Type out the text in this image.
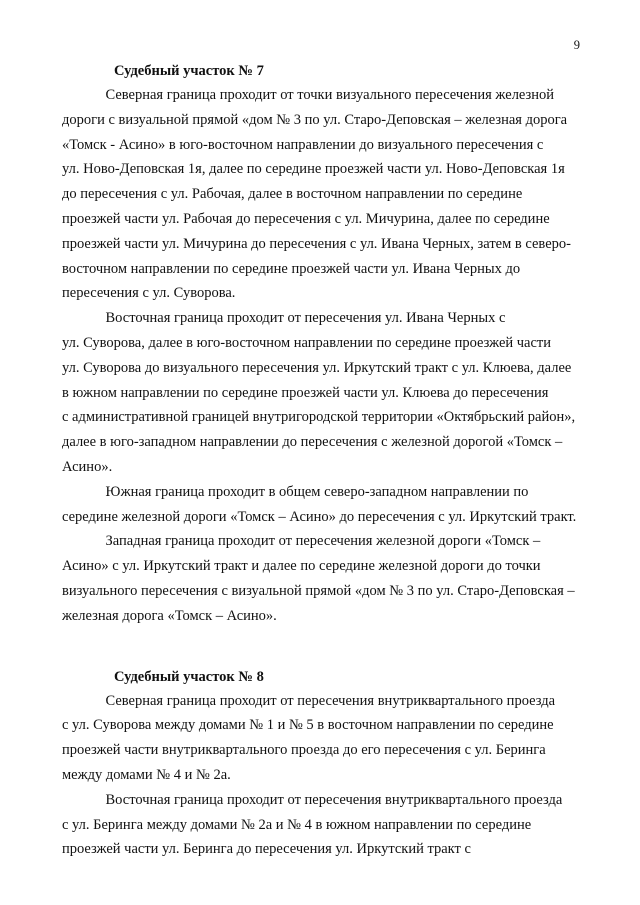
9
Судебный участок № 7

Северная граница проходит от точки визуального пересечения железной

дороги с визуальной прямой «дом № 3 по ул. Старо-Деповская – железная дорога

«Томск - Асино» в юго-восточном направлении до визуального пересечения с

ул. Ново-Деповская 1я, далее по середине проезжей части ул. Ново-Деповская 1я

до пересечения с ул. Рабочая, далее в восточном направлении по середине

проезжей части ул. Рабочая до пересечения с ул. Мичурина, далее по середине

проезжей части ул. Мичурина до пересечения с ул. Ивана Черных, затем в северо-

восточном направлении по середине проезжей части ул. Ивана Черных до

пересечения с ул. Суворова.

Восточная граница проходит от пересечения ул. Ивана Черных с

ул. Суворова, далее в юго-восточном направлении по середине проезжей части

ул. Суворова до визуального пересечения ул. Иркутский тракт с ул. Клюева, далее

в южном направлении по середине проезжей части ул. Клюева до пересечения

с административной границей внутригородской территории «Октябрьский район»,

далее в юго-западном направлении до пересечения с железной дорогой «Томск –

Асино».

Южная граница проходит в общем северо-западном направлении по

середине железной дороги «Томск – Асино» до пересечения с ул. Иркутский тракт.

Западная граница проходит от пересечения железной дороги «Томск –

Асино» с ул. Иркутский тракт и далее по середине железной дороги до точки

визуального пересечения с визуальной прямой «дом № 3 по ул. Старо-Деповская –

железная дорога «Томск – Асино».

Судебный участок № 8

Северная граница проходит от пересечения внутриквартального проезда

с ул. Суворова между домами № 1 и № 5 в восточном направлении по середине

проезжей части внутриквартального проезда до его пересечения с ул. Беринга

между домами № 4 и № 2а.

Восточная граница проходит от пересечения внутриквартального проезда

с ул. Беринга между домами № 2а и № 4 в южном направлении по середине

проезжей части ул. Беринга до пересечения ул. Иркутский тракт с
